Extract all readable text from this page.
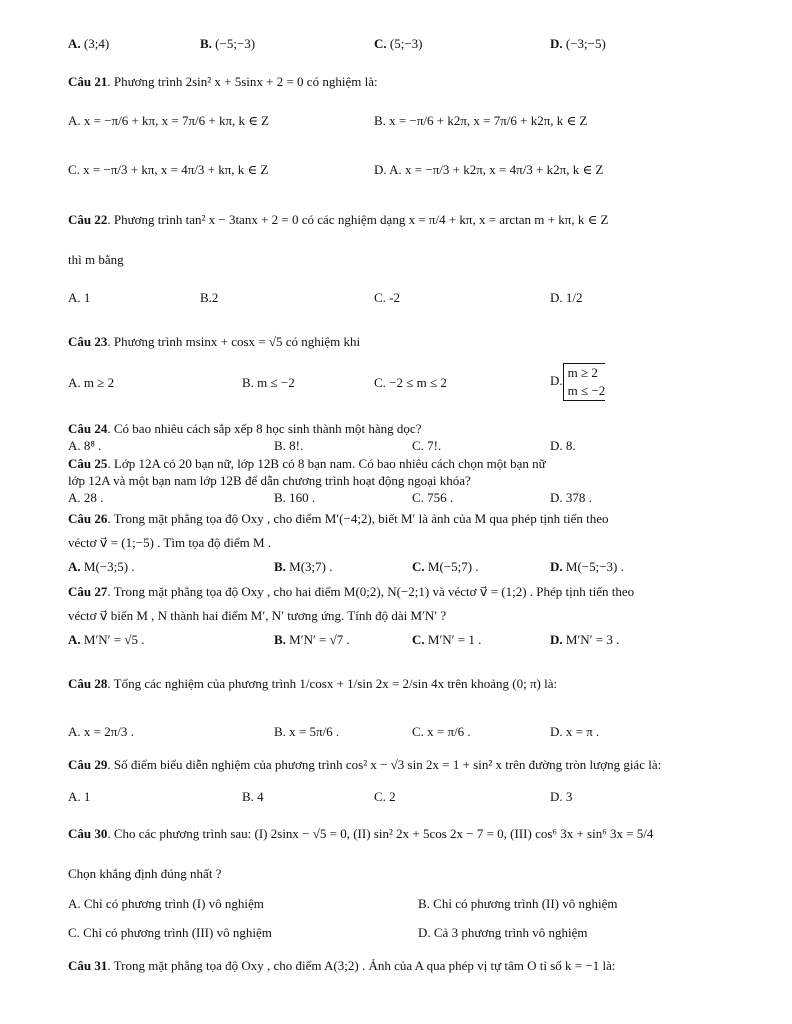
A. (3;4)	B. (−5;−3)	C. (5;−3)	D. (−3;−5)
Câu 21. Phương trình 2sin² x + 5sinx + 2 = 0 có nghiệm là:
A. x = −π/6 + kπ, x = 7π/6 + kπ, k ∈ Z	B. x = −π/6 + k2π, x = 7π/6 + k2π, k ∈ Z
C. x = −π/3 + kπ, x = 4π/3 + kπ, k ∈ Z	D. A. x = −π/3 + k2π, x = 4π/3 + k2π, k ∈ Z
Câu 22. Phương trình tan² x − 3tanx + 2 = 0 có các nghiệm dạng x = π/4 + kπ, x = arctan m + kπ, k ∈ Z
thì m bằng
A. 1	B.2	C. -2	D. 1/2
Câu 23. Phương trình msinx + cosx = √5 có nghiệm khi
A. m ≥ 2	B. m ≤ −2	C. −2 ≤ m ≤ 2	D.
m ≥ 2
m ≤ −2
Câu 24. Có bao nhiêu cách sắp xếp 8 học sinh thành một hàng dọc?
A. 8⁸ .	B. 8!.	C. 7!.	D. 8.
Câu 25. Lớp 12A có 20 bạn nữ, lớp 12B có 8 bạn nam. Có bao nhiêu cách chọn một bạn nữ
lớp 12A và một bạn nam lớp 12B để dẫn chương trình hoạt động ngoại khóa?
A. 28 .	B. 160 .	C. 756 .	D. 378 .
Câu 26. Trong mặt phẳng tọa độ Oxy , cho điểm M′(−4;2), biết M′ là ảnh của M qua phép tịnh tiến theo
véctơ v⃗ = (1;−5) . Tìm tọa độ điểm M .
A. M(−3;5) .	B. M(3;7) .	C. M(−5;7) .	D. M(−5;−3) .
Câu 27. Trong mặt phẳng tọa độ Oxy , cho hai điểm M(0;2), N(−2;1) và véctơ v⃗ = (1;2) . Phép tịnh tiến theo
véctơ v⃗ biến M , N thành hai điểm M′, N′ tương ứng. Tính độ dài M′N′ ?
A. M′N′ = √5 .	B. M′N′ = √7 .	C. M′N′ = 1 .	D. M′N′ = 3 .
Câu 28. Tổng các nghiệm của phương trình 1/cosx + 1/sin 2x = 2/sin 4x trên khoảng (0; π) là:
A. x = 2π/3 .	B. x = 5π/6 .	C. x = π/6 .	D. x = π .
Câu 29. Số điểm biểu diễn nghiệm của phương trình cos² x − √3 sin 2x = 1 + sin² x trên đường tròn lượng giác là:
A. 1	B. 4	C. 2	D. 3
Câu 30. Cho các phương trình sau: (I) 2sinx − √5 = 0, (II) sin² 2x + 5cos 2x − 7 = 0, (III) cos⁶ 3x + sin⁶ 3x = 5/4
Chọn khẳng định đúng nhất ?
A. Chỉ có phương trình (I) vô nghiệm	B. Chỉ có phương trình (II) vô nghiệm
C. Chỉ có phương trình (III) vô nghiệm	D. Cả 3 phương trình vô nghiệm
Câu 31. Trong mặt phẳng tọa độ Oxy , cho điểm A(3;2) . Ảnh của A qua phép vị tự tâm O tỉ số k = −1 là:
